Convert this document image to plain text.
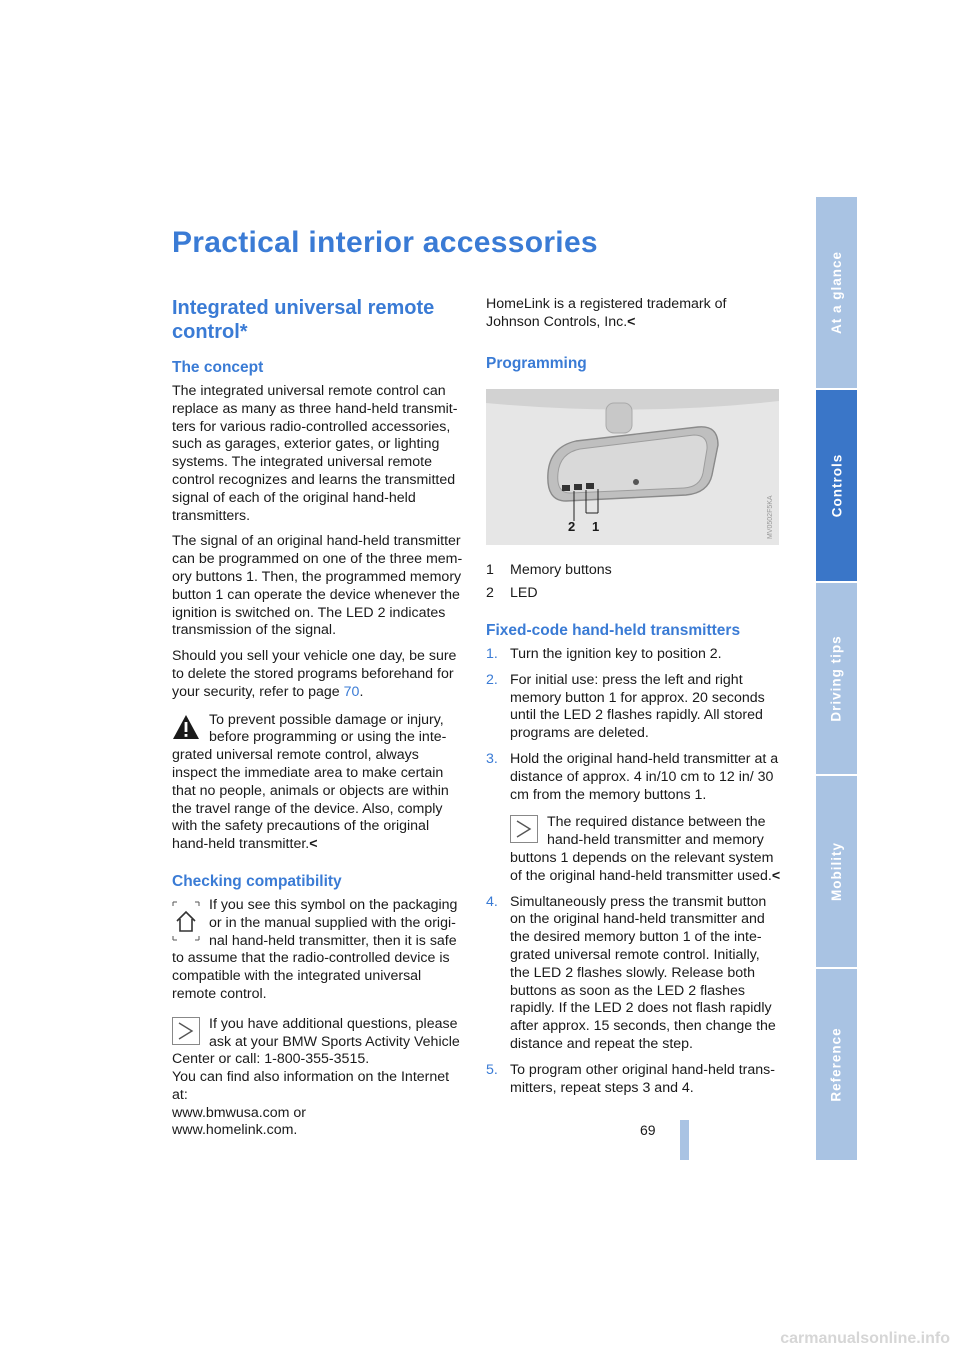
Practical interior accessories
Integrated universal remote control*
The concept

The integrated universal remote control can replace as many as three hand-held transmitters for various radio-controlled accessories, such as garages, exterior gates, or lighting systems. The integrated universal remote control recognizes and learns the transmitted signal of each of the original hand-held transmitters.

The signal of an original hand-held transmitter can be programmed on one of the three memory buttons 1. Then, the programmed memory button 1 can operate the device whenever the ignition is switched on. The LED 2 indicates transmission of the signal.

Should you sell your vehicle one day, be sure to delete the stored programs beforehand for your security, refer to page 70.

To prevent possible damage or injury, before programming or using the inte-
grated universal remote control, always inspect the immediate area to make certain that no people, animals or objects are within the travel range of the device. Also, comply with the safety precautions of the original hand-held transmitter.<
Checking compatibility
If you see this symbol on the packaging or in the manual supplied with the original hand-held transmitter, then it is safe
to assume that the radio-controlled device is compatible with the integrated universal remote control.
If you have additional questions, please ask at your BMW Sports Activity Vehicle
Center or call: 1-800-355-3515.
You can find also information on the Internet at:
www.bmwusa.com or
www.homelink.com.

HomeLink is a registered trademark of
Johnson Controls, Inc.<

Programming
2 1	MV0502F5KA
1	Memory buttons
2	LED
Fixed-code hand-held transmitters
1. Turn the ignition key to position 2.
2. For initial use: press the left and right memory button 1 for approx. 20 seconds until the LED 2 flashes rapidly. All stored programs are deleted.
3. Hold the original hand-held transmitter at a distance of approx. 4 in/10 cm to 12 in/ 30 cm from the memory buttons 1.
The required distance between the hand-held transmitter and memory
buttons 1 depends on the relevant system of the original hand-held transmitter used.<
4. Simultaneously press the transmit button on the original hand-held transmitter and the desired memory button 1 of the integrated universal remote control. Initially, the LED 2 flashes slowly. Release both buttons as soon as the LED 2 flashes rapidly. If the LED 2 does not flash rapidly after approx. 15 seconds, then change the distance and repeat the step.
5. To program other original hand-held transmitters, repeat steps 3 and 4.
At a glance
Controls
Driving tips
Mobility
Reference
69
carmanualsonline.info
